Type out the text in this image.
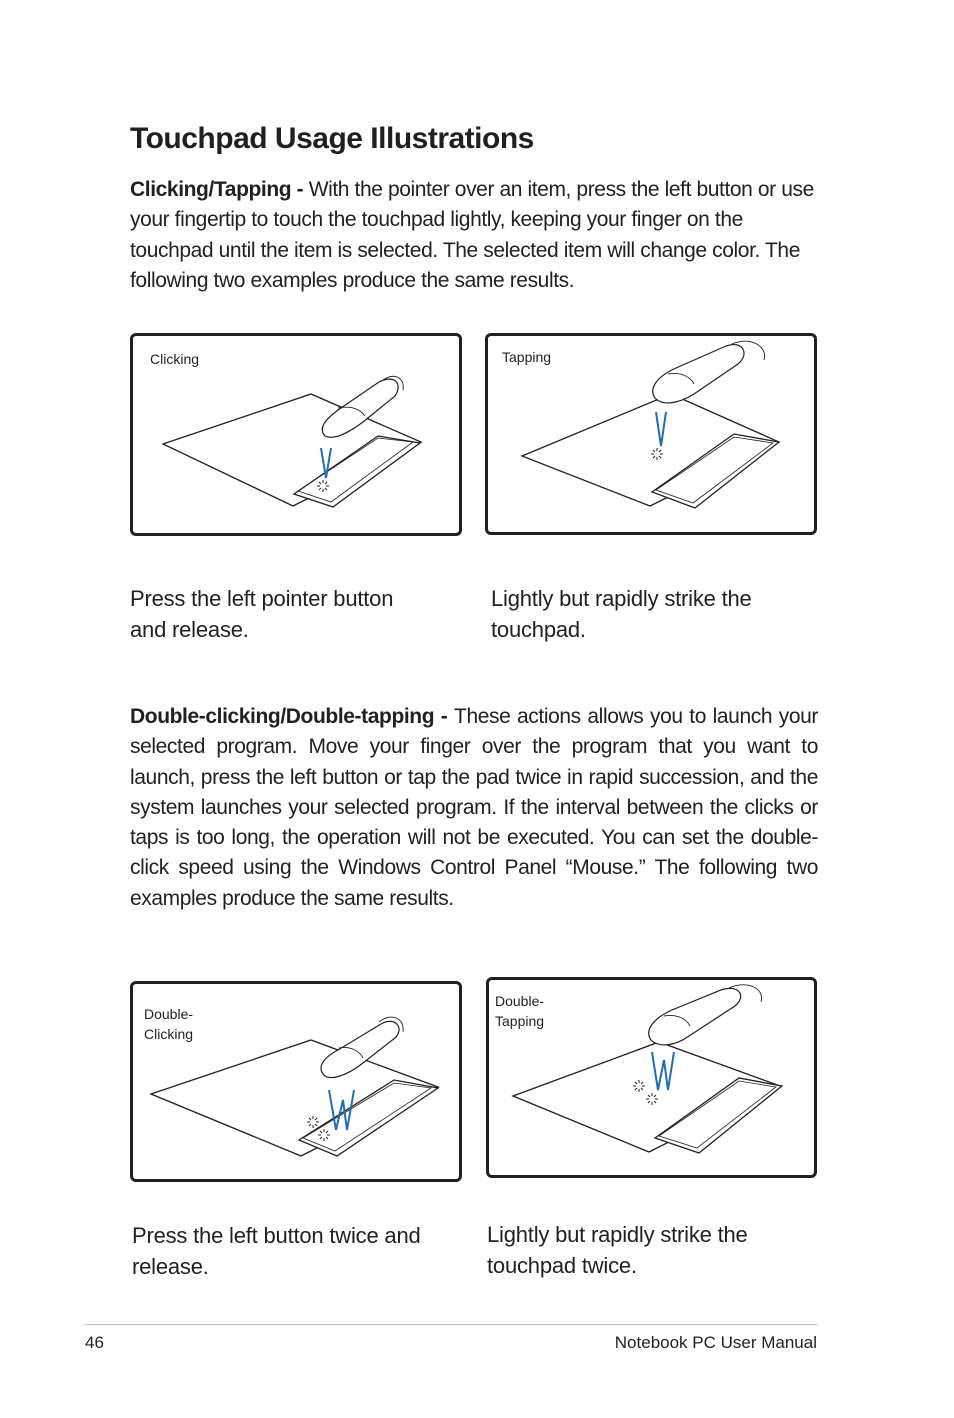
Touchpad Usage Illustrations

Clicking/Tapping - With the pointer over an item, press the left button or use your fingertip to touch the touchpad lightly, keeping your finger on the touchpad until the item is selected. The selected item will change color. The following two examples produce the same results.

Clicking	Tapping

Press the left pointer button and release.

Lightly but rapidly strike the touchpad.

Double-clicking/Double-tapping - These actions allows you to launch your selected program. Move your finger over the program that you want to launch, press the left button or tap the pad twice in rapid succession, and the system launches your selected program. If the interval between the clicks or taps is too long, the operation will not be executed. You can set the double-click speed using the Windows Control Panel “Mouse.” The following two examples produce the same results.

Double-
Clicking
Double-
Tapping

Press the left button twice and release.

Lightly but rapidly strike the touchpad twice.

46	Notebook PC User Manual
